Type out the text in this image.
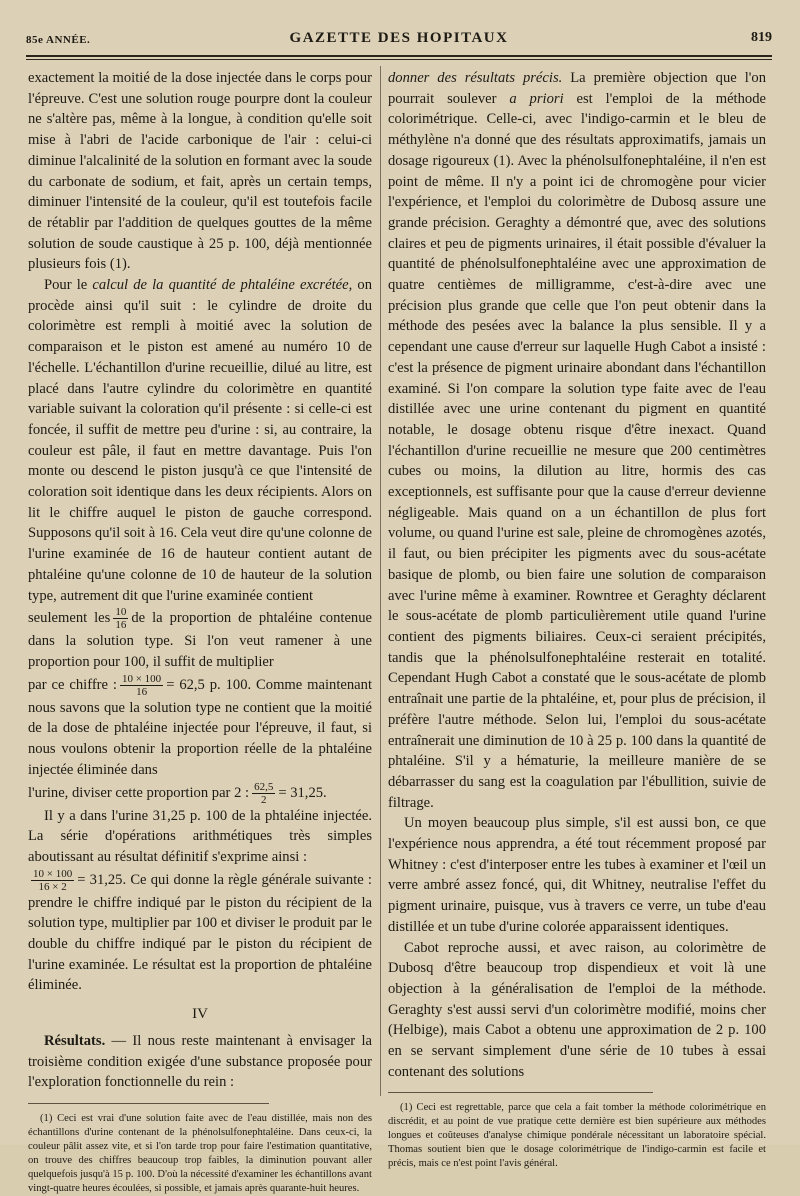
85e ANNÉE.	GAZETTE DES HOPITAUX	819

exactement la moitié de la dose injectée dans le corps pour l'épreuve. C'est une solution rouge pourpre dont la couleur ne s'altère pas, même à la longue, à condition qu'elle soit mise à l'abri de l'acide carbonique de l'air : celui-ci diminue l'alcalinité de la solution en formant avec la soude du carbonate de sodium, et fait, après un certain temps, diminuer l'intensité de la couleur, qu'il est toutefois facile de rétablir par l'addition de quelques gouttes de la même solution de soude caustique à 25 p. 100, déjà mentionnée plusieurs fois (1).

Pour le calcul de la quantité de phtaléine excrétée, on procède ainsi qu'il suit : le cylindre de droite du colorimètre est rempli à moitié avec la solution de comparaison et le piston est amené au numéro 10 de l'échelle. L'échantillon d'urine recueillie, dilué au litre, est placé dans l'autre cylindre du colorimètre en quantité variable suivant la coloration qu'il présente : si celle-ci est foncée, il suffit de mettre peu d'urine : si, au contraire, la couleur est pâle, il faut en mettre davantage. Puis l'on monte ou descend le piston jusqu'à ce que l'intensité de coloration soit identique dans les deux récipients. Alors on lit le chiffre auquel le piston de gauche correspond. Supposons qu'il soit à 16. Cela veut dire qu'une colonne de l'urine examinée de 16 de hauteur contient autant de phtaléine qu'une colonne de 10 de hauteur de la solution type, autrement dit que l'urine examinée contient

seulement les $\frac{10}{16}$ de la proportion de phtaléine contenue dans la solution type. Si l'on veut ramener à une proportion pour 100, il suffit de multiplier

par ce chiffre : $\frac{10 \times 100}{16} = 62,5$ p. 100. Comme maintenant nous savons que la solution type ne contient que la moitié de la dose de phtaléine injectée pour l'épreuve, il faut, si nous voulons obtenir la proportion réelle de la phtaléine injectée éliminée dans

l'urine, diviser cette proportion par 2 : $\frac{62,5}{2} = 31,25$.

Il y a dans l'urine 31,25 p. 100 de la phtaléine injectée. La série d'opérations arithmétiques très simples aboutissant au résultat définitif s'exprime ainsi :

$\frac{10 \times 100}{16 \times 2} = 31,25$. Ce qui donne la règle générale suivante : prendre le chiffre indiqué par le piston du récipient de la solution type, multiplier par 100 et diviser le produit par le double du chiffre indiqué par le piston du récipient de l'urine examinée. Le résultat est la proportion de phtaléine éliminée.

IV

Résultats. — Il nous reste maintenant à envisager la troisième condition exigée d'une substance proposée pour l'exploration fonctionnelle du rein :

(1) Ceci est vrai d'une solution faite avec de l'eau distillée, mais non des échantillons d'urine contenant de la phénolsulfonephtaléine. Dans ceux-ci, la couleur pâlit assez vite, et si l'on tarde trop pour faire l'estimation quantitative, on trouve des chiffres beaucoup trop faibles, la diminution pouvant aller quelquefois jusqu'à 15 p. 100. D'où la nécessité d'examiner les échantillons avant vingt-quatre heures écoulées, si possible, et jamais après quarante-huit heures.

donner des résultats précis. La première objection que l'on pourrait soulever a priori est l'emploi de la méthode colorimétrique. Celle-ci, avec l'indigo-carmin et le bleu de méthylène n'a donné que des résultats approximatifs, jamais un dosage rigoureux (1). Avec la phénolsulfonephtaléine, il n'en est point de même. Il n'y a point ici de chromogène pour vicier l'expérience, et l'emploi du colorimètre de Dubosq assure une grande précision. Geraghty a démontré que, avec des solutions claires et peu de pigments urinaires, il était possible d'évaluer la quantité de phénolsulfonephtaléine avec une approximation de quatre centièmes de milligramme, c'est-à-dire avec une précision plus grande que celle que l'on peut obtenir dans la méthode des pesées avec la balance la plus sensible. Il y a cependant une cause d'erreur sur laquelle Hugh Cabot a insisté : c'est la présence de pigment urinaire abondant dans l'échantillon examiné. Si l'on compare la solution type faite avec de l'eau distillée avec une urine contenant du pigment en quantité notable, le dosage obtenu risque d'être inexact. Quand l'échantillon d'urine recueillie ne mesure que 200 centimètres cubes ou moins, la dilution au litre, hormis des cas exceptionnels, est suffisante pour que la cause d'erreur devienne négligeable. Mais quand on a un échantillon de plus fort volume, ou quand l'urine est sale, pleine de chromogènes azotés, il faut, ou bien précipiter les pigments avec du sous-acétate basique de plomb, ou bien faire une solution de comparaison avec l'urine même à examiner. Rowntree et Geraghty déclarent le sous-acétate de plomb particulièrement utile quand l'urine contient des pigments biliaires. Ceux-ci seraient précipités, tandis que la phénolsulfonephtaléine resterait en totalité. Cependant Hugh Cabot a constaté que le sous-acétate de plomb entraînait une partie de la phtaléine, et, pour plus de précision, il préfère l'autre méthode. Selon lui, l'emploi du sous-acétate entraînerait une diminution de 10 à 25 p. 100 dans la quantité de phtaléine. S'il y a hématurie, la meilleure manière de se débarrasser du sang est la coagulation par l'ébullition, suivie de filtrage.

Un moyen beaucoup plus simple, s'il est aussi bon, ce que l'expérience nous apprendra, a été tout récemment proposé par Whitney : c'est d'interposer entre les tubes à examiner et l'œil un verre ambré assez foncé, qui, dit Whitney, neutralise l'effet du pigment urinaire, puisque, vus à travers ce verre, un tube d'eau distillée et un tube d'urine colorée apparaissent identiques.

Cabot reproche aussi, et avec raison, au colorimètre de Dubosq d'être beaucoup trop dispendieux et voit là une objection à la généralisation de l'emploi de la méthode. Geraghty s'est aussi servi d'un colorimètre modifié, moins cher (Helbige), mais Cabot a obtenu une approximation de 2 p. 100 en se servant simplement d'une série de 10 tubes à essai contenant des solutions

(1) Ceci est regrettable, parce que cela a fait tomber la méthode colorimétrique en discrédit, et au point de vue pratique cette dernière est bien supérieure aux méthodes longues et coûteuses d'analyse chimique pondérale nécessitant un laboratoire spécial. Thomas soutient bien que le dosage colorimétrique de l'indigo-carmin est facile et précis, mais ce n'est point l'avis général.
